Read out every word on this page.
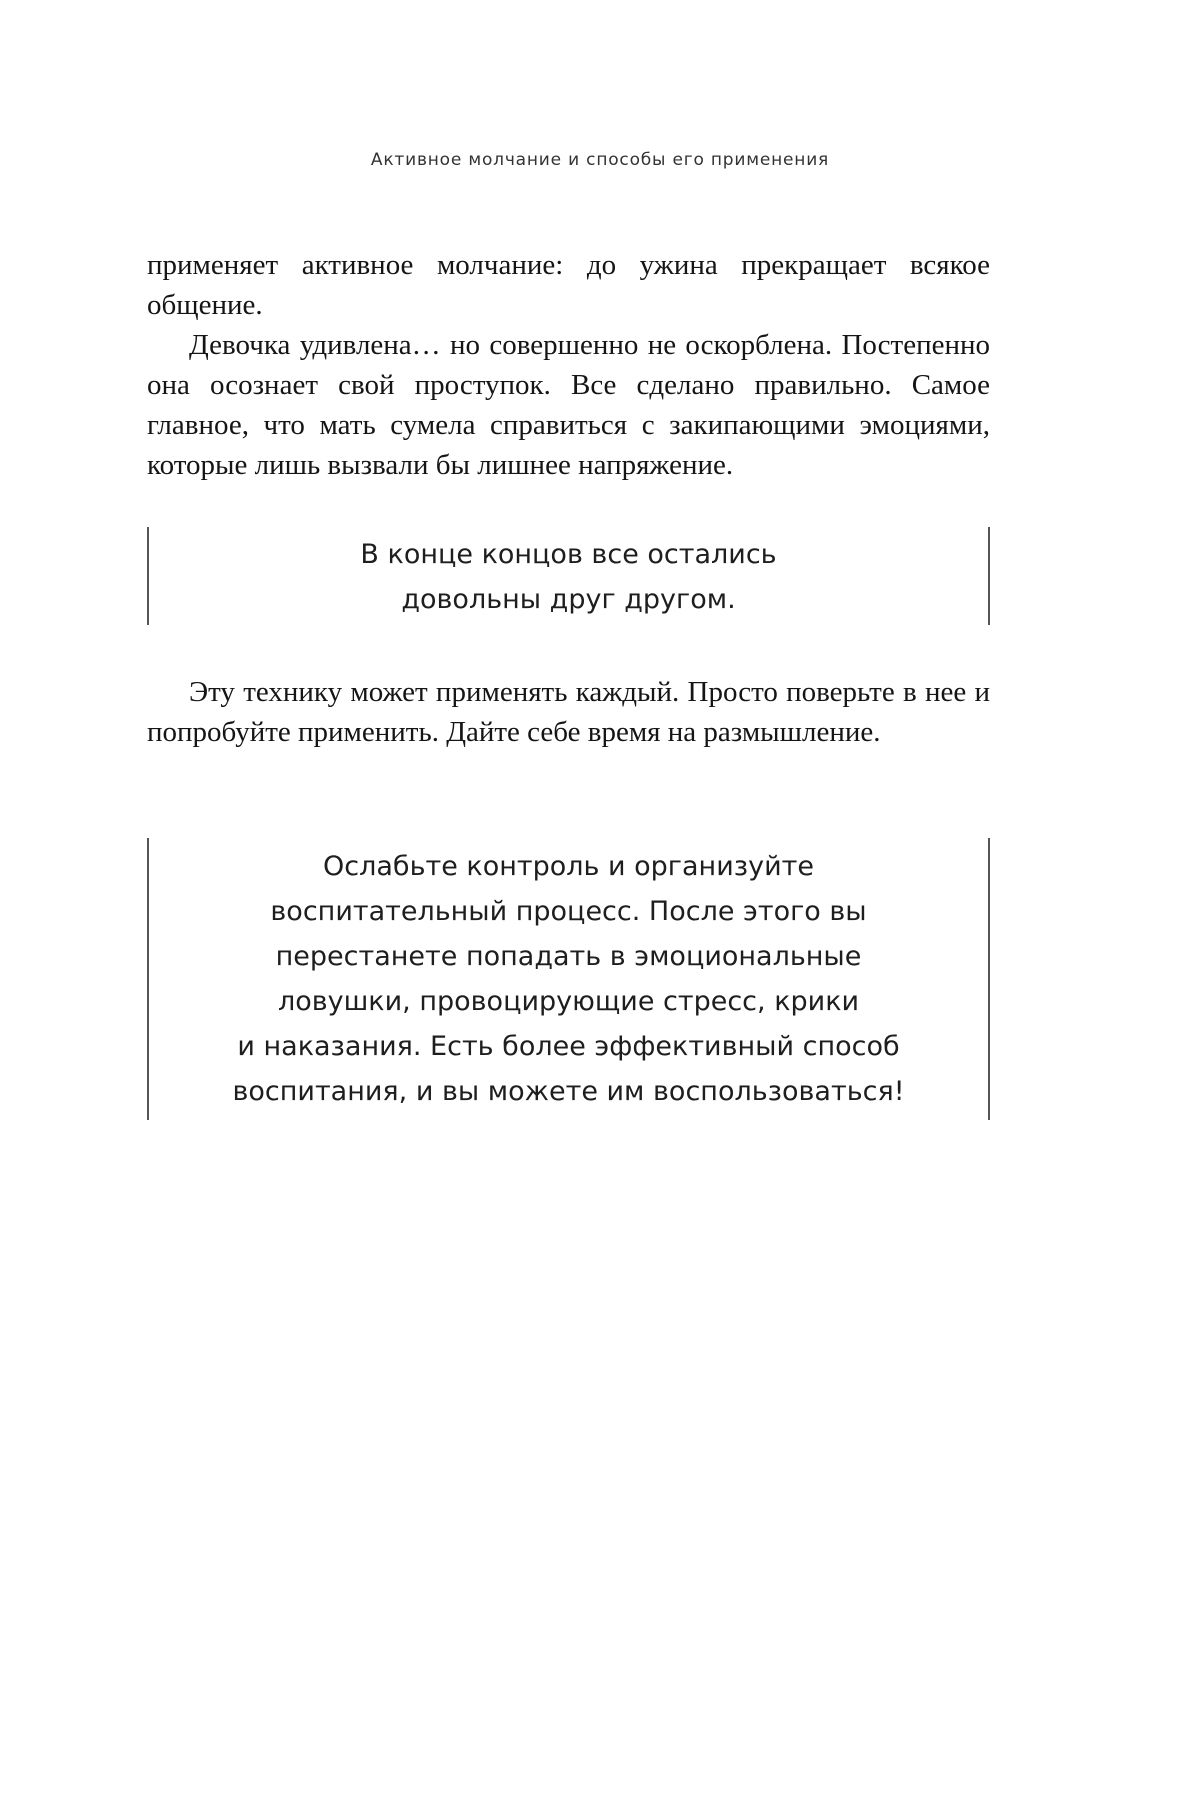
Активное молчание и способы его применения

применяет активное молчание: до ужина прекращает всякое общение.

Девочка удивлена… но совершенно не оскорблена. Постепенно она осознает свой проступок. Все сделано правильно. Самое главное, что мать сумела справиться с закипающими эмоциями, которые лишь вызвали бы лишнее напряжение.

В конце концов все остались
довольны друг другом.

Эту технику может применять каждый. Просто поверьте в нее и попробуйте применить. Дайте себе время на размышление.

Ослабьте контроль и организуйте
воспитательный процесс. После этого вы
перестанете попадать в эмоциональные
ловушки, провоцирующие стресс, крики
и наказания. Есть более эффективный способ
воспитания, и вы можете им воспользоваться!
